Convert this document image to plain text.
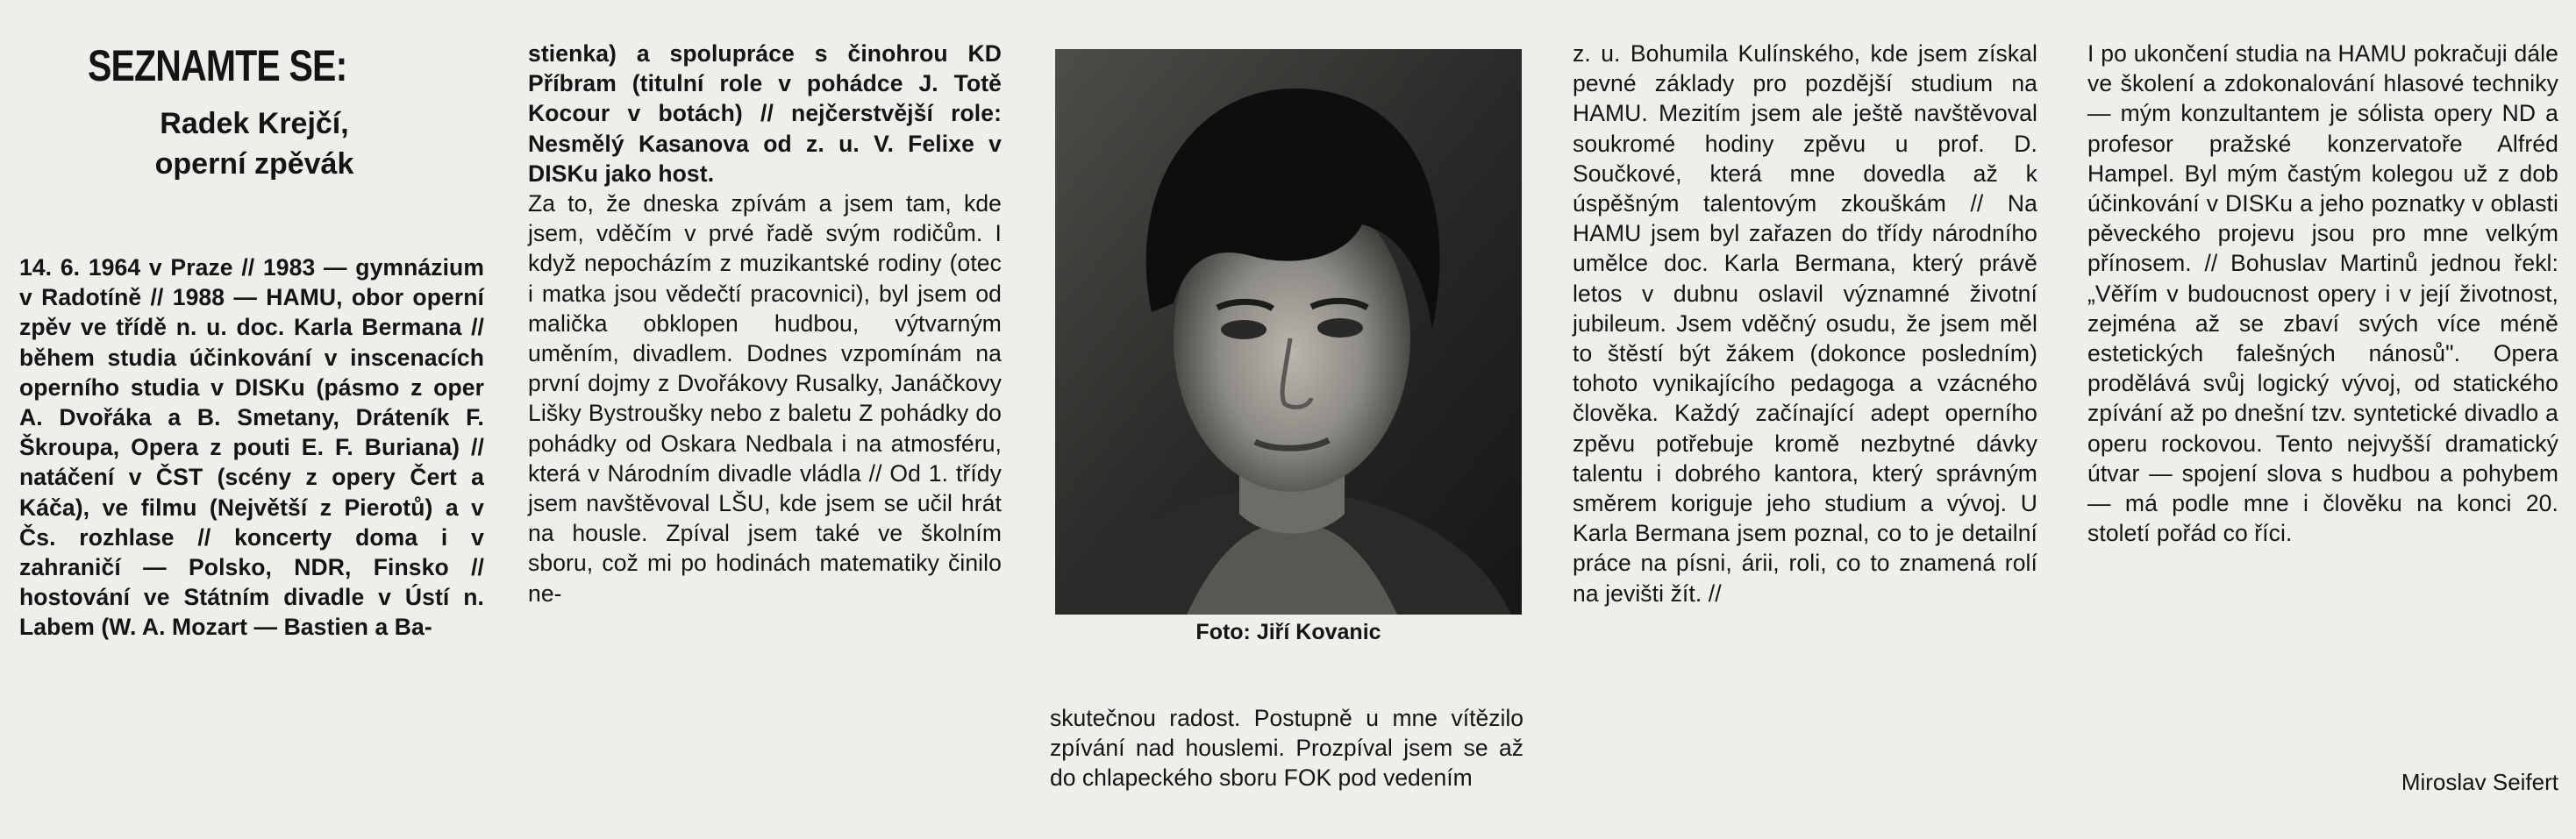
SEZNAMTE SE:
Radek Krejčí,
operní zpěvák

14. 6. 1964 v Praze // 1983 — gymnázium v Radotíně // 1988 — HAMU, obor operní zpěv ve třídě n. u. doc. Karla Bermana // během studia účinkování v inscenacích operního studia v DISKu (pásmo z oper A. Dvořáka a B. Smetany, Dráteník F. Škroupa, Opera z pouti E. F. Buriana) // natáčení v ČST (scény z opery Čert a Káča), ve filmu (Největší z Pierotů) a v Čs. rozhlase // koncerty doma i v zahraničí — Polsko, NDR, Finsko // hostování ve Státním divadle v Ústí n. Labem (W. A. Mozart — Bastien a Ba-

stienka) a spolupráce s činohrou KD Příbram (titulní role v pohádce J. Totě Kocour v botách) // nejčerstvější role: Nesmělý Kasanova od z. u. V. Felixe v DISKu jako host.

Za to, že dneska zpívám a jsem tam, kde jsem, vděčím v prvé řadě svým rodičům. I když nepocházím z muzikantské rodiny (otec i matka jsou vědečtí pracovnici), byl jsem od malička obklopen hudbou, výtvarným uměním, divadlem. Dodnes vzpomínám na první dojmy z Dvořákovy Rusalky, Janáčkovy Lišky Bystroušky nebo z baletu Z pohádky do pohádky od Oskara Nedbala i na atmosféru, která v Národním divadle vládla // Od 1. třídy jsem navštěvoval LŠU, kde jsem se učil hrát na housle. Zpíval jsem také ve školním sboru, což mi po hodinách matematiky činilo ne-

Foto: Jiří Kovanic

skutečnou radost. Postupně u mne vítězilo zpívání nad houslemi. Prozpíval jsem se až do chlapeckého sboru FOK pod vedením

z. u. Bohumila Kulínského, kde jsem získal pevné základy pro pozdější studium na HAMU. Mezitím jsem ale ještě navštěvoval soukromé hodiny zpěvu u prof. D. Součkové, která mne dovedla až k úspěšným talentovým zkouškám // Na HAMU jsem byl zařazen do třídy národního umělce doc. Karla Bermana, který právě letos v dubnu oslavil významné životní jubileum. Jsem vděčný osudu, že jsem měl to štěstí být žákem (dokonce posledním) tohoto vynikajícího pedagoga a vzácného člověka. Každý začínající adept operního zpěvu potřebuje kromě nezbytné dávky talentu i dobrého kantora, který správným směrem koriguje jeho studium a vývoj. U Karla Bermana jsem poznal, co to je detailní práce na písni, árii, roli, co to znamená rolí na jevišti žít. //

I po ukončení studia na HAMU pokračuji dále ve školení a zdokonalování hlasové techniky — mým konzultantem je sólista opery ND a profesor pražské konzervatoře Alfréd Hampel. Byl mým častým kolegou už z dob účinkování v DISKu a jeho poznatky v oblasti pěveckého projevu jsou pro mne velkým přínosem. // Bohuslav Martinů jednou řekl: „Věřím v budoucnost opery i v její životnost, zejména až se zbaví svých více méně estetických falešných nánosů". Opera prodělává svůj logický vývoj, od statického zpívání až po dnešní tzv. syntetické divadlo a operu rockovou. Tento nejvyšší dramatický útvar — spojení slova s hudbou a pohybem — má podle mne i člověku na konci 20. století pořád co říci.

Miroslav Seifert
